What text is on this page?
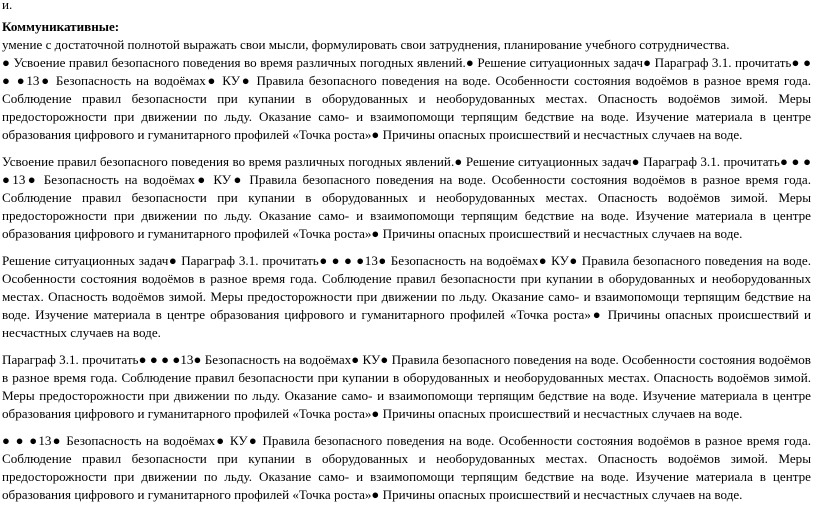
и.

Коммуникативные:

умение с достаточной полнотой выражать свои мысли, формулировать свои затруднения, планирование учебного сотрудничества.

● Усвоение правил безопасного поведения во время различных погодных явлений.● Решение ситуационных задач● Параграф 3.1. прочитать● ● ● ●13● Безопасность на водоёмах● КУ● Правила безопасного поведения на воде. Особенности состояния водоёмов в разное время года. Соблюдение правил безопасности при купании в оборудованных и необорудованных местах. Опасность водоёмов зимой. Меры предосторожности при движении по льду. Оказание само- и взаимопомощи терпящим бедствие на воде. Изучение материала в центре образования цифрового и гуманитарного профилей «Точка роста»● Причины опасных происшествий и несчастных случаев на воде.

Усвоение правил безопасного поведения во время различных погодных явлений.● Решение ситуационных задач● Параграф 3.1. прочитать● ● ● ●13● Безопасность на водоёмах● КУ● Правила безопасного поведения на воде. Особенности состояния водоёмов в разное время года. Соблюдение правил безопасности при купании в оборудованных и необорудованных местах. Опасность водоёмов зимой. Меры предосторожности при движении по льду. Оказание само- и взаимопомощи терпящим бедствие на воде. Изучение материала в центре образования цифрового и гуманитарного профилей «Точка роста»● Причины опасных происшествий и несчастных случаев на воде.

Решение ситуационных задач● Параграф 3.1. прочитать● ● ● ●13● Безопасность на водоёмах● КУ● Правила безопасного поведения на воде. Особенности состояния водоёмов в разное время года. Соблюдение правил безопасности при купании в оборудованных и необорудованных местах. Опасность водоёмов зимой. Меры предосторожности при движении по льду. Оказание само- и взаимопомощи терпящим бедствие на воде. Изучение материала в центре образования цифрового и гуманитарного профилей «Точка роста»● Причины опасных происшествий и несчастных случаев на воде.

Параграф 3.1. прочитать● ● ● ●13● Безопасность на водоёмах● КУ● Правила безопасного поведения на воде. Особенности состояния водоёмов в разное время года. Соблюдение правил безопасности при купании в оборудованных и необорудованных местах. Опасность водоёмов зимой. Меры предосторожности при движении по льду. Оказание само- и взаимопомощи терпящим бедствие на воде. Изучение материала в центре образования цифрового и гуманитарного профилей «Точка роста»● Причины опасных происшествий и несчастных случаев на воде.

● ● ●13● Безопасность на водоёмах● КУ● Правила безопасного поведения на воде. Особенности состояния водоёмов в разное время года. Соблюдение правил безопасности при купании в оборудованных и необорудованных местах. Опасность водоёмов зимой. Меры предосторожности при движении по льду. Оказание само- и взаимопомощи терпящим бедствие на воде. Изучение материала в центре образования цифрового и гуманитарного профилей «Точка роста»● Причины опасных происшествий и несчастных случаев на воде.
